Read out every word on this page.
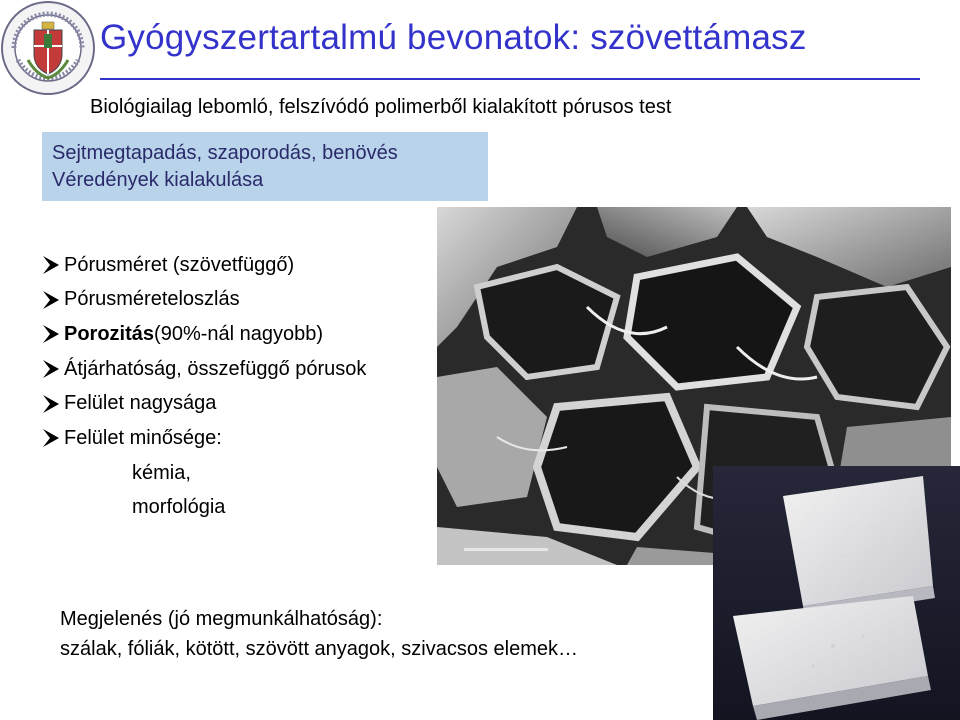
Gyógyszertartalmú bevonatok: szövettámasz
Biológiailag lebomló, felszívódó polimerből kialakított pórusos test
Sejtmegtapadás, szaporodás, benövés
Véredények kialakulása
Pórusméret (szövetfüggő)
Pórusméreteloszlás
Porozitás (90%-nál nagyobb)
Átjárhatóság, összefüggő pórusok
Felület nagysága
Felület minősége:
kémia,
morfológia
Megjelenés (jó megmunkálhatóság):
szálak, fóliák, kötött, szövött anyagok, szivacsos elemek…
